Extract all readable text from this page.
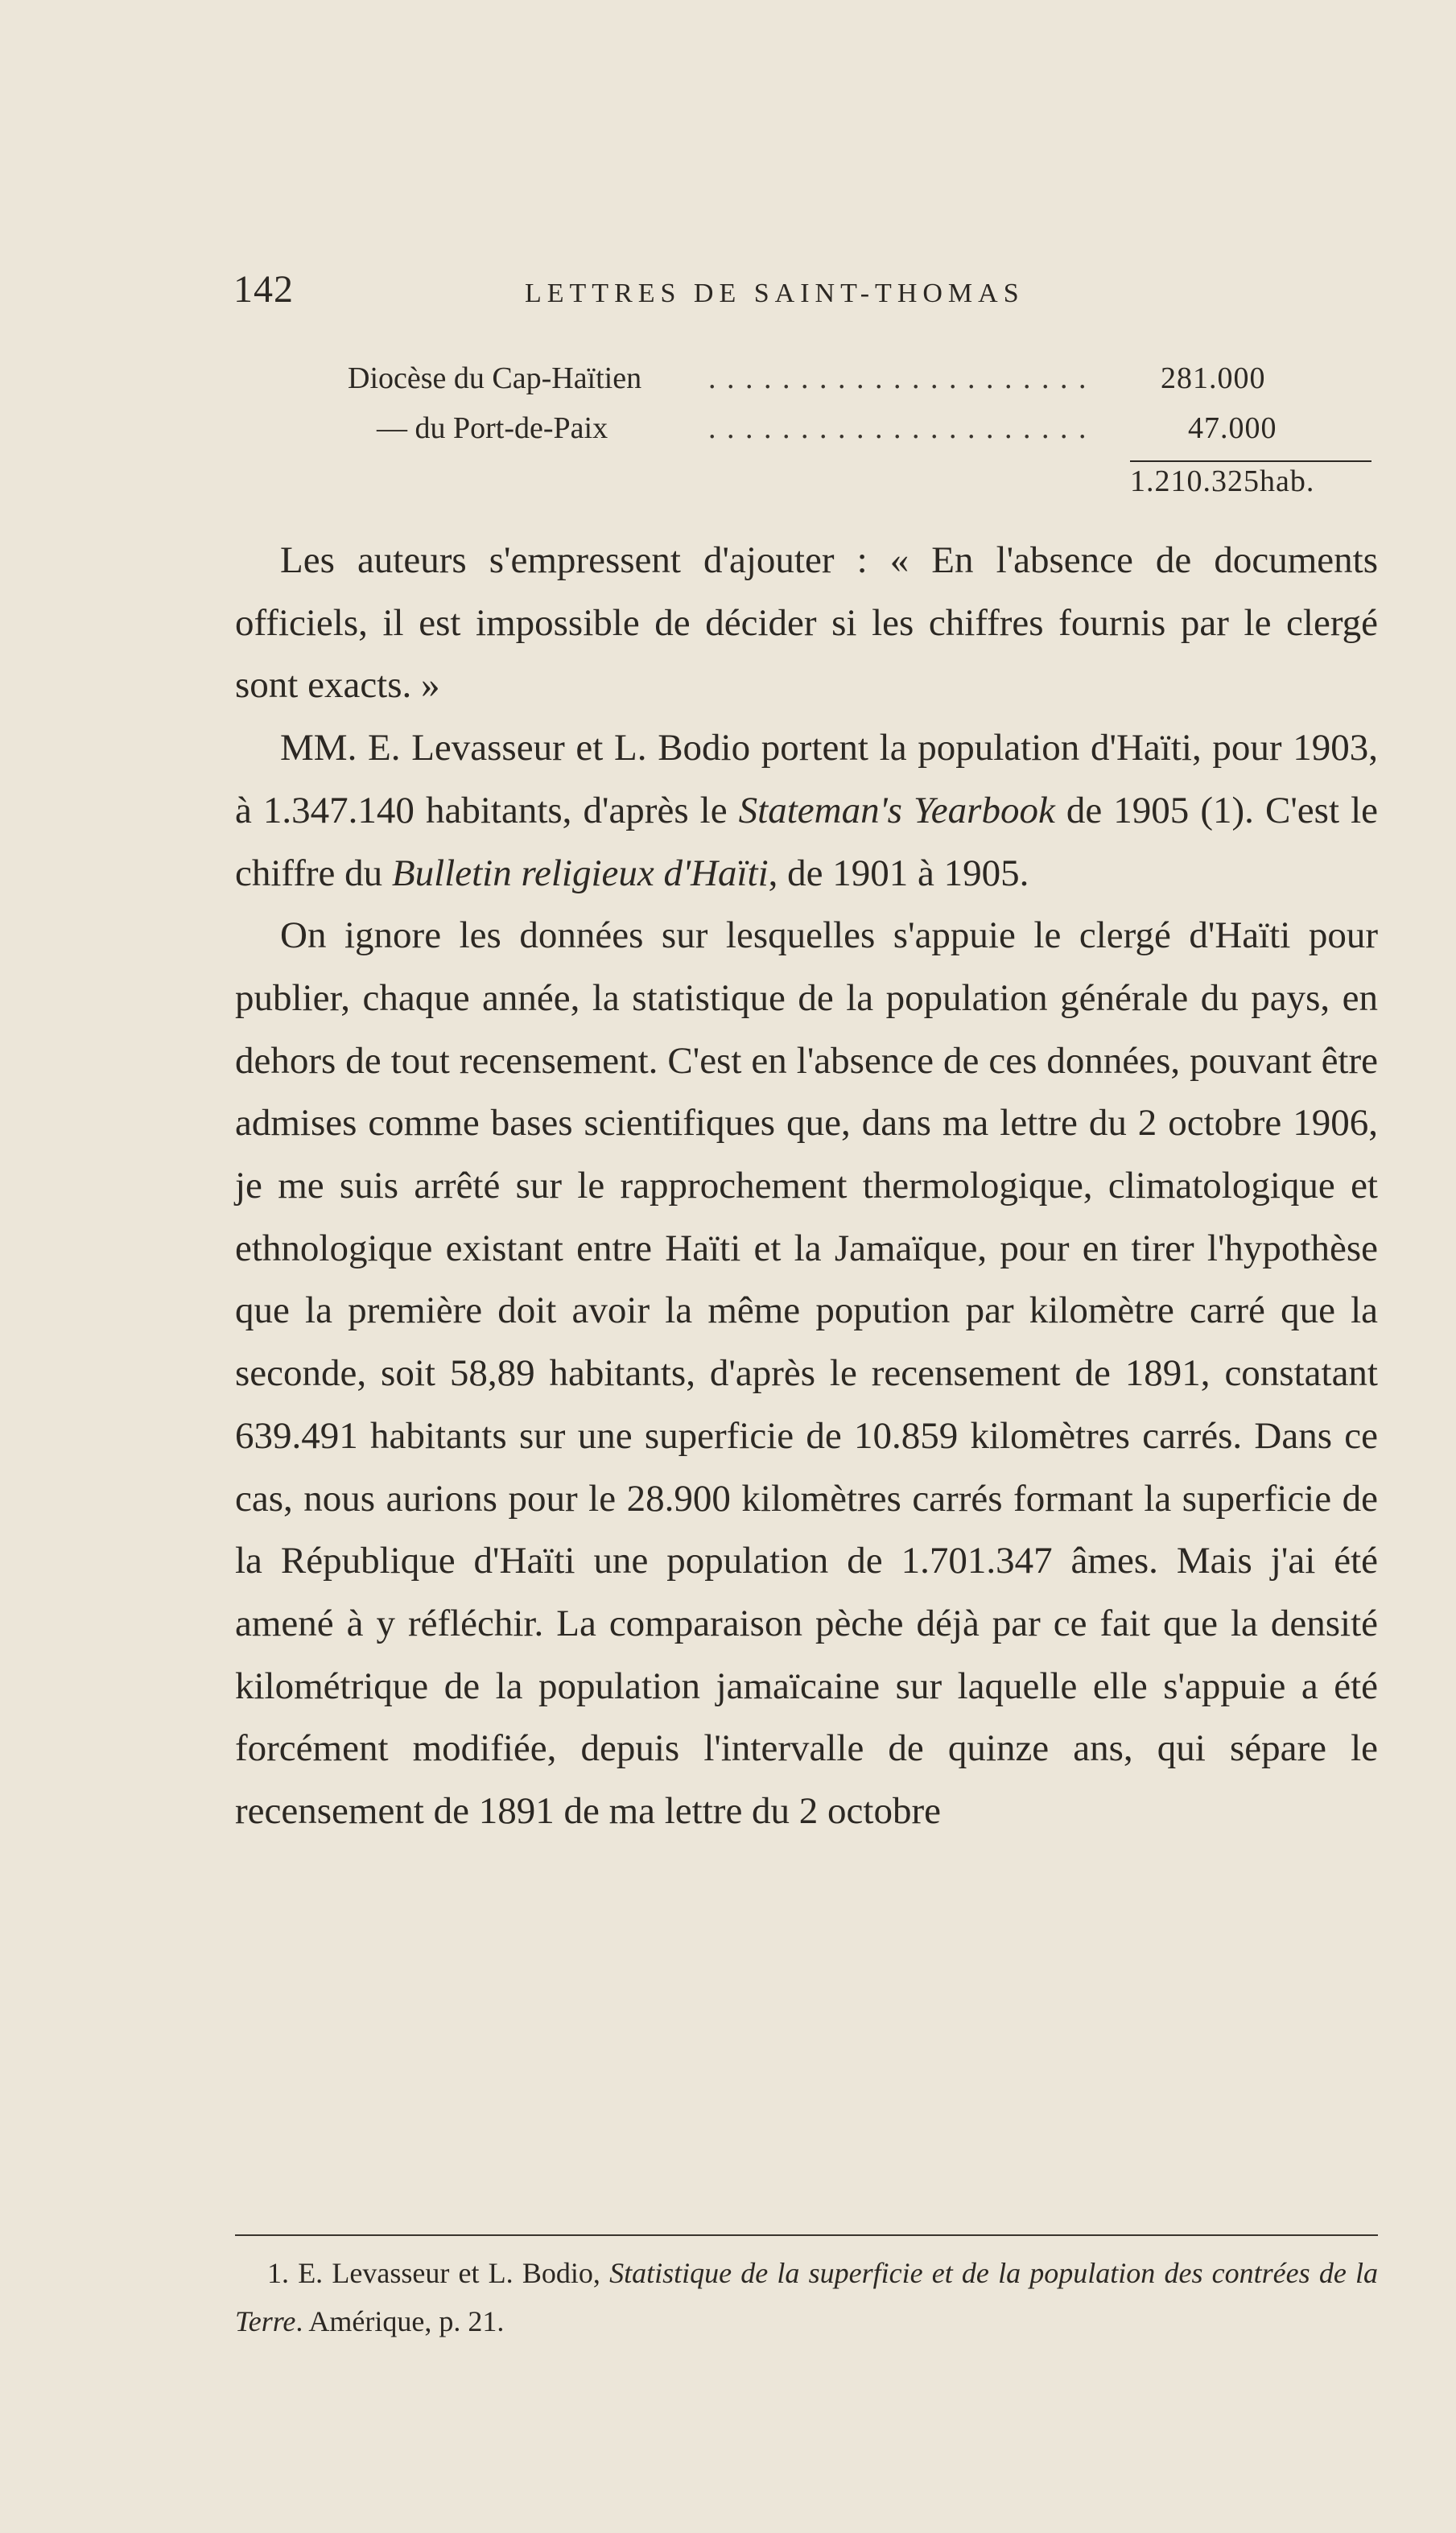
142	LETTRES DE SAINT-THOMAS
Diocèse du Cap-Haïtien . . . . . . . . . . . . . . . . . . . . . 281.000
— du Port-de-Paix	. . . . . . . . . . . . . . . . . . . . .	47.000
1.210.325hab.

Les auteurs s'empressent d'ajouter : « En l'absence de documents officiels, il est impossible de décider si les chiffres fournis par le clergé sont exacts. »

MM. E. Levasseur et L. Bodio portent la population d'Haïti, pour 1903, à 1.347.140 habitants, d'après le Stateman's Yearbook de 1905 (1). C'est le chiffre du Bulletin religieux d'Haïti, de 1901 à 1905.

On ignore les données sur lesquelles s'appuie le clergé d'Haïti pour publier, chaque année, la statistique de la population générale du pays, en dehors de tout recensement. C'est en l'absence de ces données, pouvant être admises comme bases scientifiques que, dans ma lettre du 2 octobre 1906, je me suis arrêté sur le rapprochement thermologique, climatologique et ethnologique existant entre Haïti et la Jamaïque, pour en tirer l'hypothèse que la première doit avoir la même popution par kilomètre carré que la seconde, soit 58,89 habitants, d'après le recensement de 1891, constatant 639.491 habitants sur une superficie de 10.859 kilomètres carrés. Dans ce cas, nous aurions pour le 28.900 kilomètres carrés formant la superficie de la République d'Haïti une population de 1.701.347 âmes. Mais j'ai été amené à y réfléchir. La comparaison pèche déjà par ce fait que la densité kilométrique de la population jamaïcaine sur laquelle elle s'appuie a été forcément modifiée, depuis l'intervalle de quinze ans, qui sépare le recensement de 1891 de ma lettre du 2 octobre

1. E. Levasseur et L. Bodio, Statistique de la superficie et de la population des contrées de la Terre. Amérique, p. 21.
